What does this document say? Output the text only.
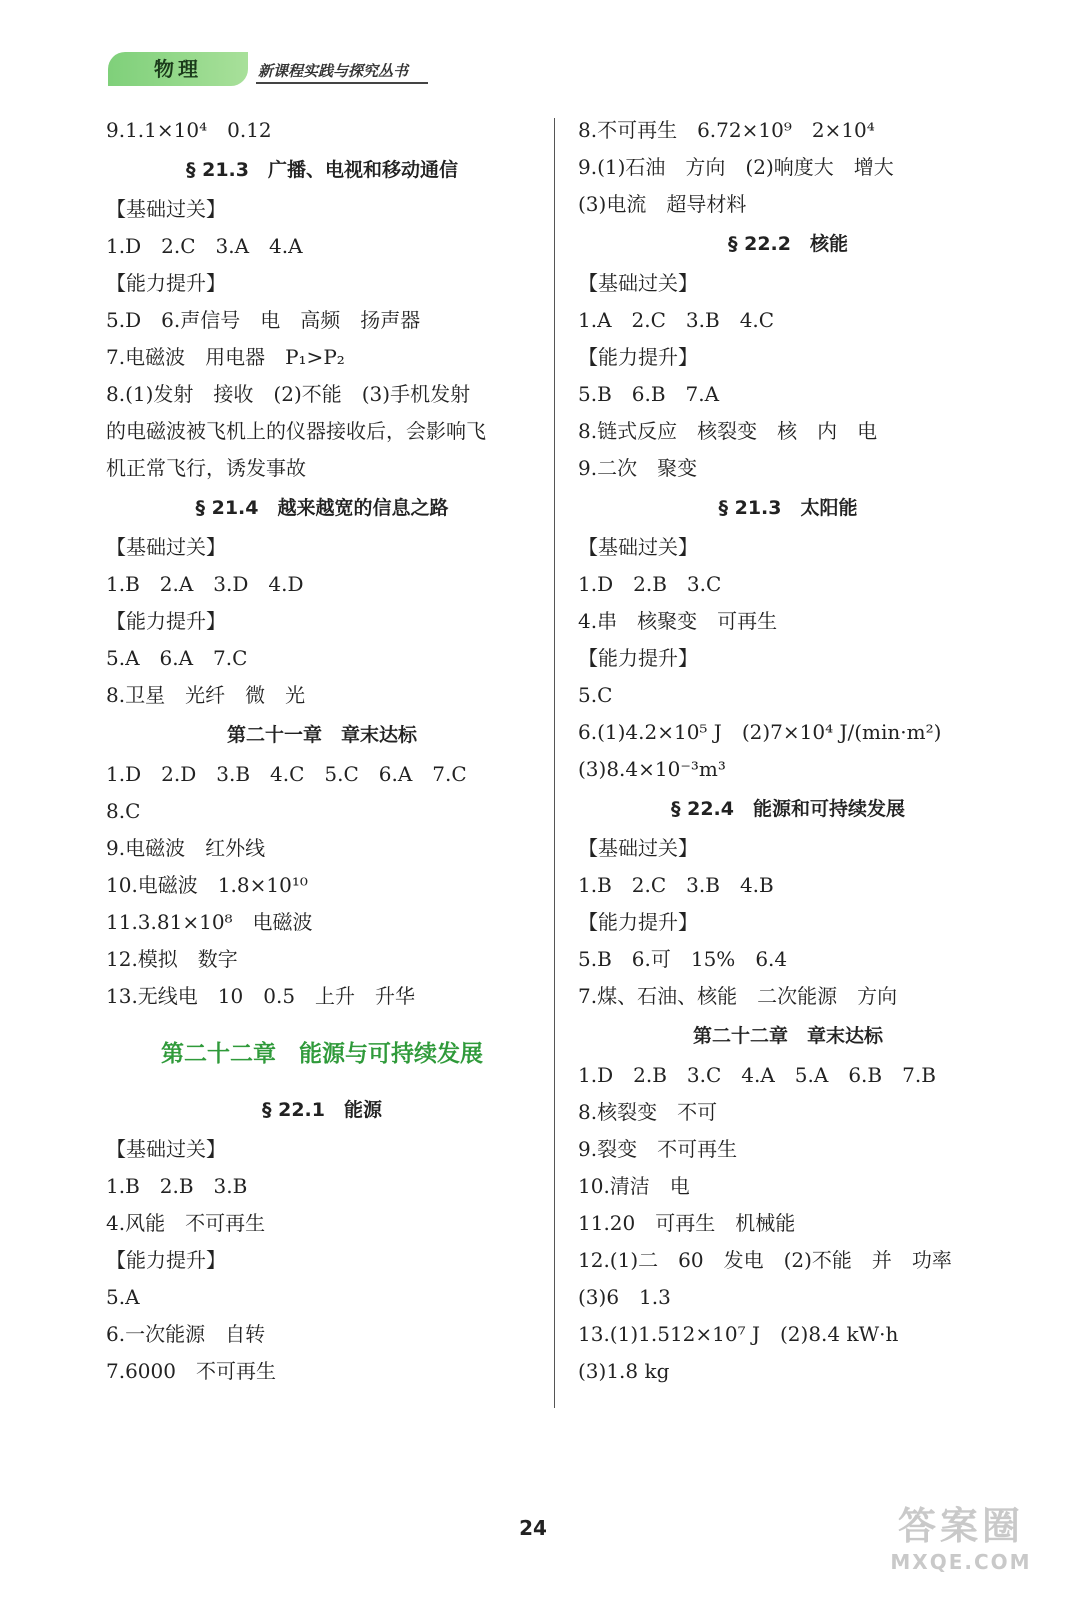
物理	新课程实践与探究丛书
9.1.1×10⁴　0.12
§ 21.3　广播、电视和移动通信
【基础过关】
1.D　2.C　3.A　4.A
【能力提升】
5.D　6.声信号　电　高频　扬声器
7.电磁波　用电器　P₁>P₂
8.(1)发射　接收　(2)不能　(3)手机发射
的电磁波被飞机上的仪器接收后，会影响飞
机正常飞行，诱发事故
§ 21.4　越来越宽的信息之路
【基础过关】
1.B　2.A　3.D　4.D
【能力提升】
5.A　6.A　7.C
8.卫星　光纤　微　光
第二十一章　章末达标
1.D　2.D　3.B　4.C　5.C　6.A　7.C
8.C
9.电磁波　红外线
10.电磁波　1.8×10¹⁰
11.3.81×10⁸　电磁波
12.模拟　数字
13.无线电　10　0.5　上升　升华
第二十二章　能源与可持续发展
§ 22.1　能源
【基础过关】
1.B　2.B　3.B
4.风能　不可再生
【能力提升】
5.A
6.一次能源　自转
7.6000　不可再生
8.不可再生　6.72×10⁹　2×10⁴
9.(1)石油　方向　(2)响度大　增大
(3)电流　超导材料
§ 22.2　核能
【基础过关】
1.A　2.C　3.B　4.C
【能力提升】
5.B　6.B　7.A
8.链式反应　核裂变　核　内　电
9.二次　聚变
§ 21.3　太阳能
【基础过关】
1.D　2.B　3.C
4.串　核聚变　可再生
【能力提升】
5.C
6.(1)4.2×10⁵ J　(2)7×10⁴ J/(min·m²)
(3)8.4×10⁻³m³
§ 22.4　能源和可持续发展
【基础过关】
1.B　2.C　3.B　4.B
【能力提升】
5.B　6.可　15%　6.4
7.煤、石油、核能　二次能源　方向
第二十二章　章末达标
1.D　2.B　3.C　4.A　5.A　6.B　7.B
8.核裂变　不可
9.裂变　不可再生
10.清洁　电
11.20　可再生　机械能
12.(1)二　60　发电　(2)不能　并　功率
(3)6　1.3
13.(1)1.512×10⁷ J　(2)8.4 kW·h
(3)1.8 kg
24	答案圈
MXQE.COM
